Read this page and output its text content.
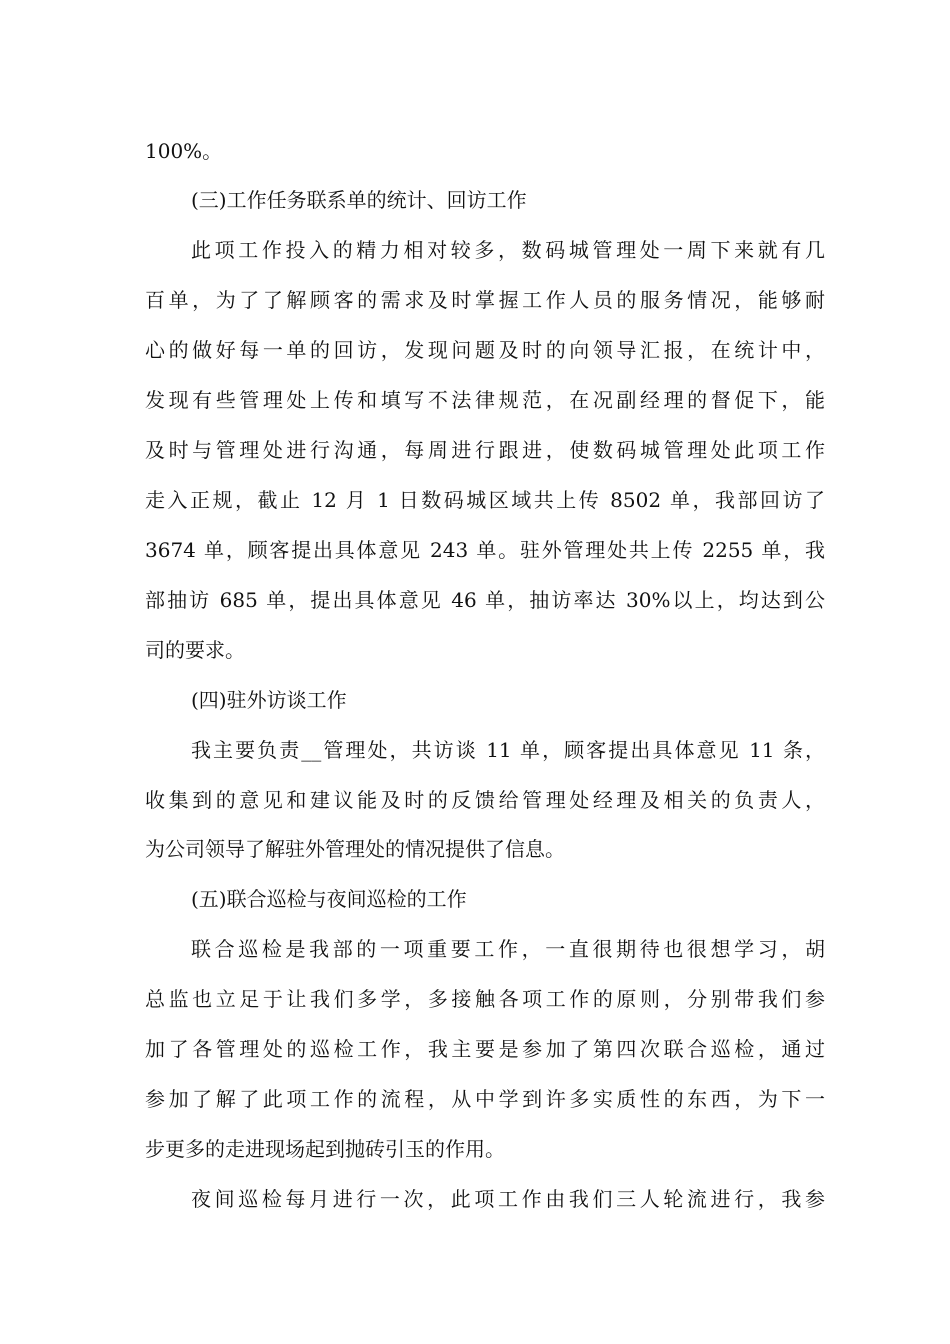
100%。
(三)工作任务联系单的统计、回访工作
此项工作投入的精力相对较多，数码城管理处一周下来就有几
百单，为了了解顾客的需求及时掌握工作人员的服务情况，能够耐
心的做好每一单的回访，发现问题及时的向领导汇报，在统计中，
发现有些管理处上传和填写不法律规范，在况副经理的督促下，能
及时与管理处进行沟通，每周进行跟进，使数码城管理处此项工作
走入正规，截止 12 月 1 日数码城区域共上传 8502 单，我部回访了
3674 单，顾客提出具体意见 243 单。驻外管理处共上传 2255 单，我
部抽访 685 单，提出具体意见 46 单，抽访率达 30%以上，均达到公
司的要求。
(四)驻外访谈工作
我主要负责__管理处，共访谈 11 单，顾客提出具体意见 11 条，
收集到的意见和建议能及时的反馈给管理处经理及相关的负责人，
为公司领导了解驻外管理处的情况提供了信息。
(五)联合巡检与夜间巡检的工作
联合巡检是我部的一项重要工作，一直很期待也很想学习，胡
总监也立足于让我们多学，多接触各项工作的原则，分别带我们参
加了各管理处的巡检工作，我主要是参加了第四次联合巡检，通过
参加了解了此项工作的流程，从中学到许多实质性的东西，为下一
步更多的走进现场起到抛砖引玉的作用。
夜间巡检每月进行一次，此项工作由我们三人轮流进行，我参
